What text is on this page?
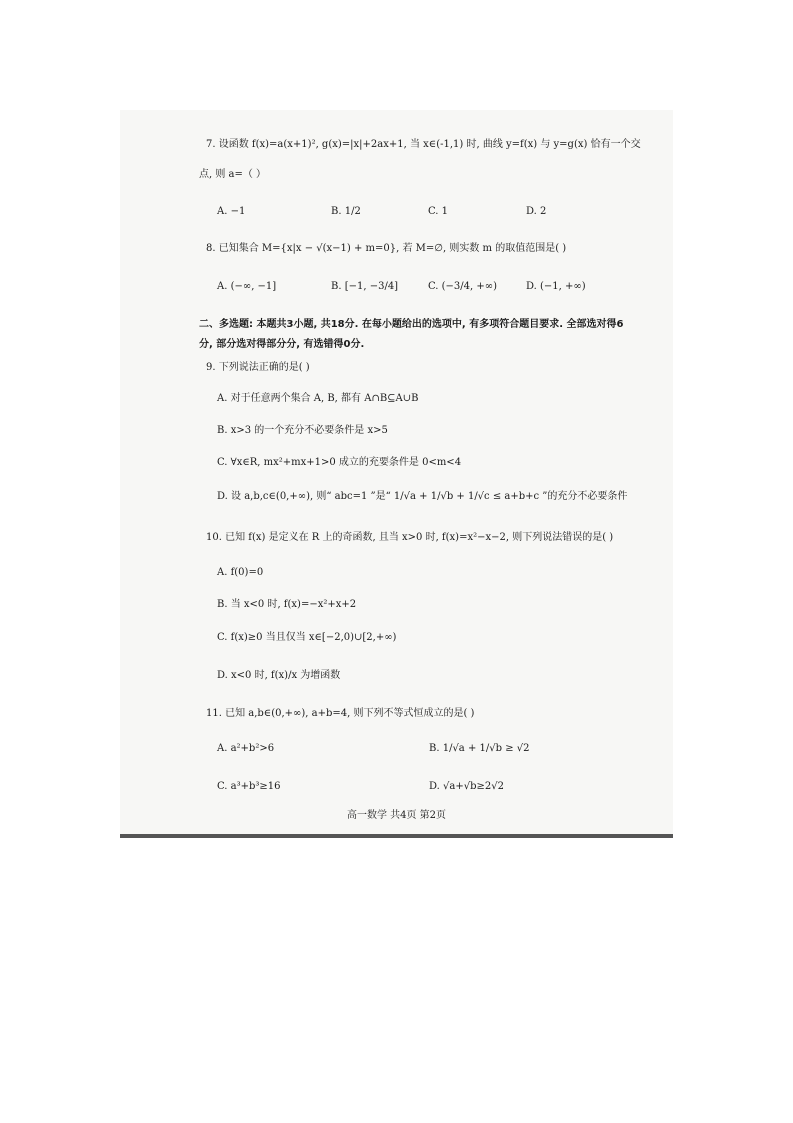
7. 设函数 f(x)=a(x+1)², g(x)=|x|+2ax+1, 当 x∈(-1,1) 时, 曲线 y=f(x) 与 y=g(x) 恰有一个交
点, 则 a=（ ）
A. −1	B. 1/2	C. 1	D. 2
8. 已知集合 M={x|x − √(x−1) + m=0}, 若 M=∅, 则实数 m 的取值范围是( )
A. (−∞, −1]	B. [−1, −3/4]	C. (−3/4, +∞)	D. (−1, +∞)
二、多选题: 本题共3小题, 共18分. 在每小题给出的选项中, 有多项符合题目要求. 全部选对得6
分, 部分选对得部分分, 有选错得0分.
9. 下列说法正确的是( )
A. 对于任意两个集合 A, B, 都有 A∩B⊆A∪B
B. x>3 的一个充分不必要条件是 x>5
C. ∀x∈R, mx²+mx+1>0 成立的充要条件是 0<m<4
D. 设 a,b,c∈(0,+∞), 则“ abc=1 ”是“ 1/√a + 1/√b + 1/√c ≤ a+b+c ”的充分不必要条件
10. 已知 f(x) 是定义在 R 上的奇函数, 且当 x>0 时, f(x)=x²−x−2, 则下列说法错误的是( )
A. f(0)=0
B. 当 x<0 时, f(x)=−x²+x+2
C. f(x)≥0 当且仅当 x∈[−2,0)∪[2,+∞)
D. x<0 时, f(x)/x 为增函数
11. 已知 a,b∈(0,+∞), a+b=4, 则下列不等式恒成立的是( )
A. a²+b²>6	B. 1/√a + 1/√b ≥ √2
C. a³+b³≥16	D. √a+√b≥2√2
高一数学 共4页 第2页
